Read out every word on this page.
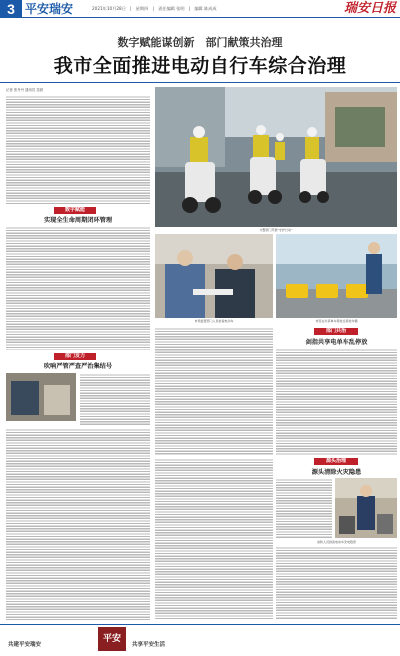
3 平安瑞安	2021年10月28日　|　星期四　|　责任编辑 张明　|　编辑 陈成成	瑞安日报
数字赋能谋创新　部门献策共治理
我市全面推进电动自行车综合治理
记者 张丹丹 通讯员 苗晨
交警部门开展“守护行动”
数字赋能
实现全生命周期闭环管理
市场监管部门人员检查电动车	市民在共享单车停放点停放车辆
部门发力
吹响严管严查严治集结号
部门共治
剑指共享电单车乱停放
源头治理
源头清除火灾隐患
消防人员排查电动车充电隐患
共建平安瑞安
平安
共享平安生活
